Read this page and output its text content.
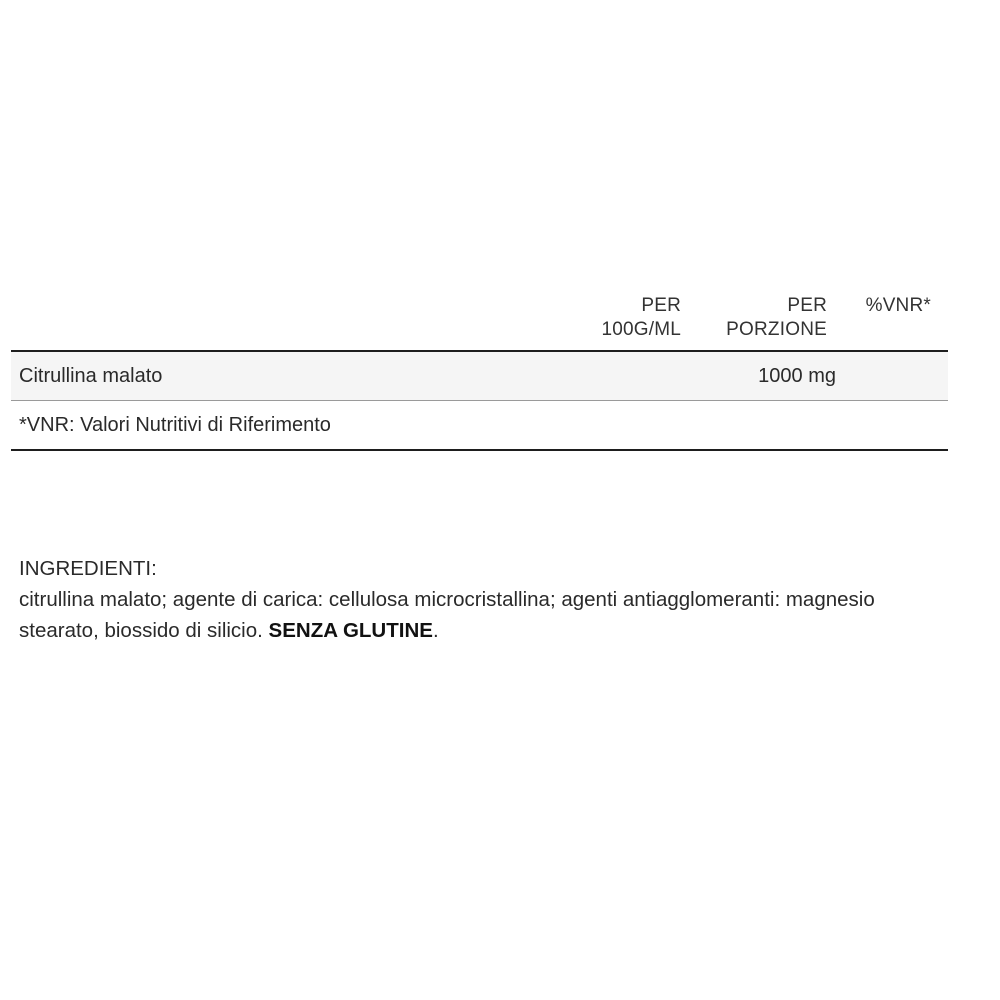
PER
100G/ML
PER
PORZIONE
%VNR*
Citrullina malato	1000 mg
*VNR: Valori Nutritivi di Riferimento
INGREDIENTI:
citrullina malato; agente di carica: cellulosa microcristallina; agenti antiagglomeranti: magnesio stearato, biossido di silicio. SENZA GLUTINE.
